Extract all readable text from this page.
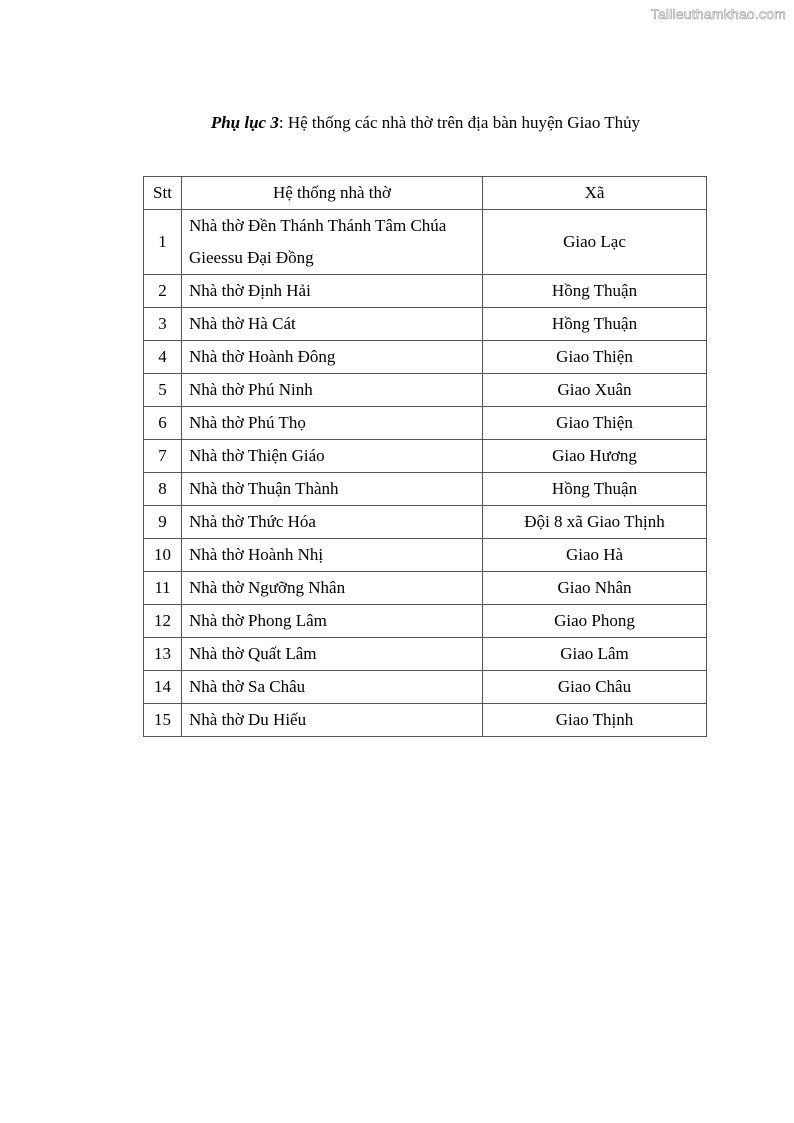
Tailieuthamkhao.com
Phụ lục 3: Hệ thống các nhà thờ trên địa bàn huyện Giao Thủy
Stt	Hệ thống nhà thờ	Xã
1	Nhà thờ Đền Thánh Thánh Tâm Chúa Gieessu Đại Đồng	Giao Lạc
2	Nhà thờ Định Hải	Hồng Thuận
3	Nhà thờ Hà Cát	Hồng Thuận
4	Nhà thờ Hoành Đông	Giao Thiện
5	Nhà thờ Phú Ninh	Giao Xuân
6	Nhà thờ Phú Thọ	Giao Thiện
7	Nhà thờ Thiện Giáo	Giao Hương
8	Nhà thờ Thuận Thành	Hồng Thuận
9	Nhà thờ Thức Hóa	Đội 8 xã Giao Thịnh
10	Nhà thờ Hoành Nhị	Giao Hà
11	Nhà thờ Ngưỡng Nhân	Giao Nhân
12	Nhà thờ Phong Lâm	Giao Phong
13	Nhà thờ Quất Lâm	Giao Lâm
14	Nhà thờ Sa Châu	Giao Châu
15	Nhà thờ Du Hiếu	Giao Thịnh
